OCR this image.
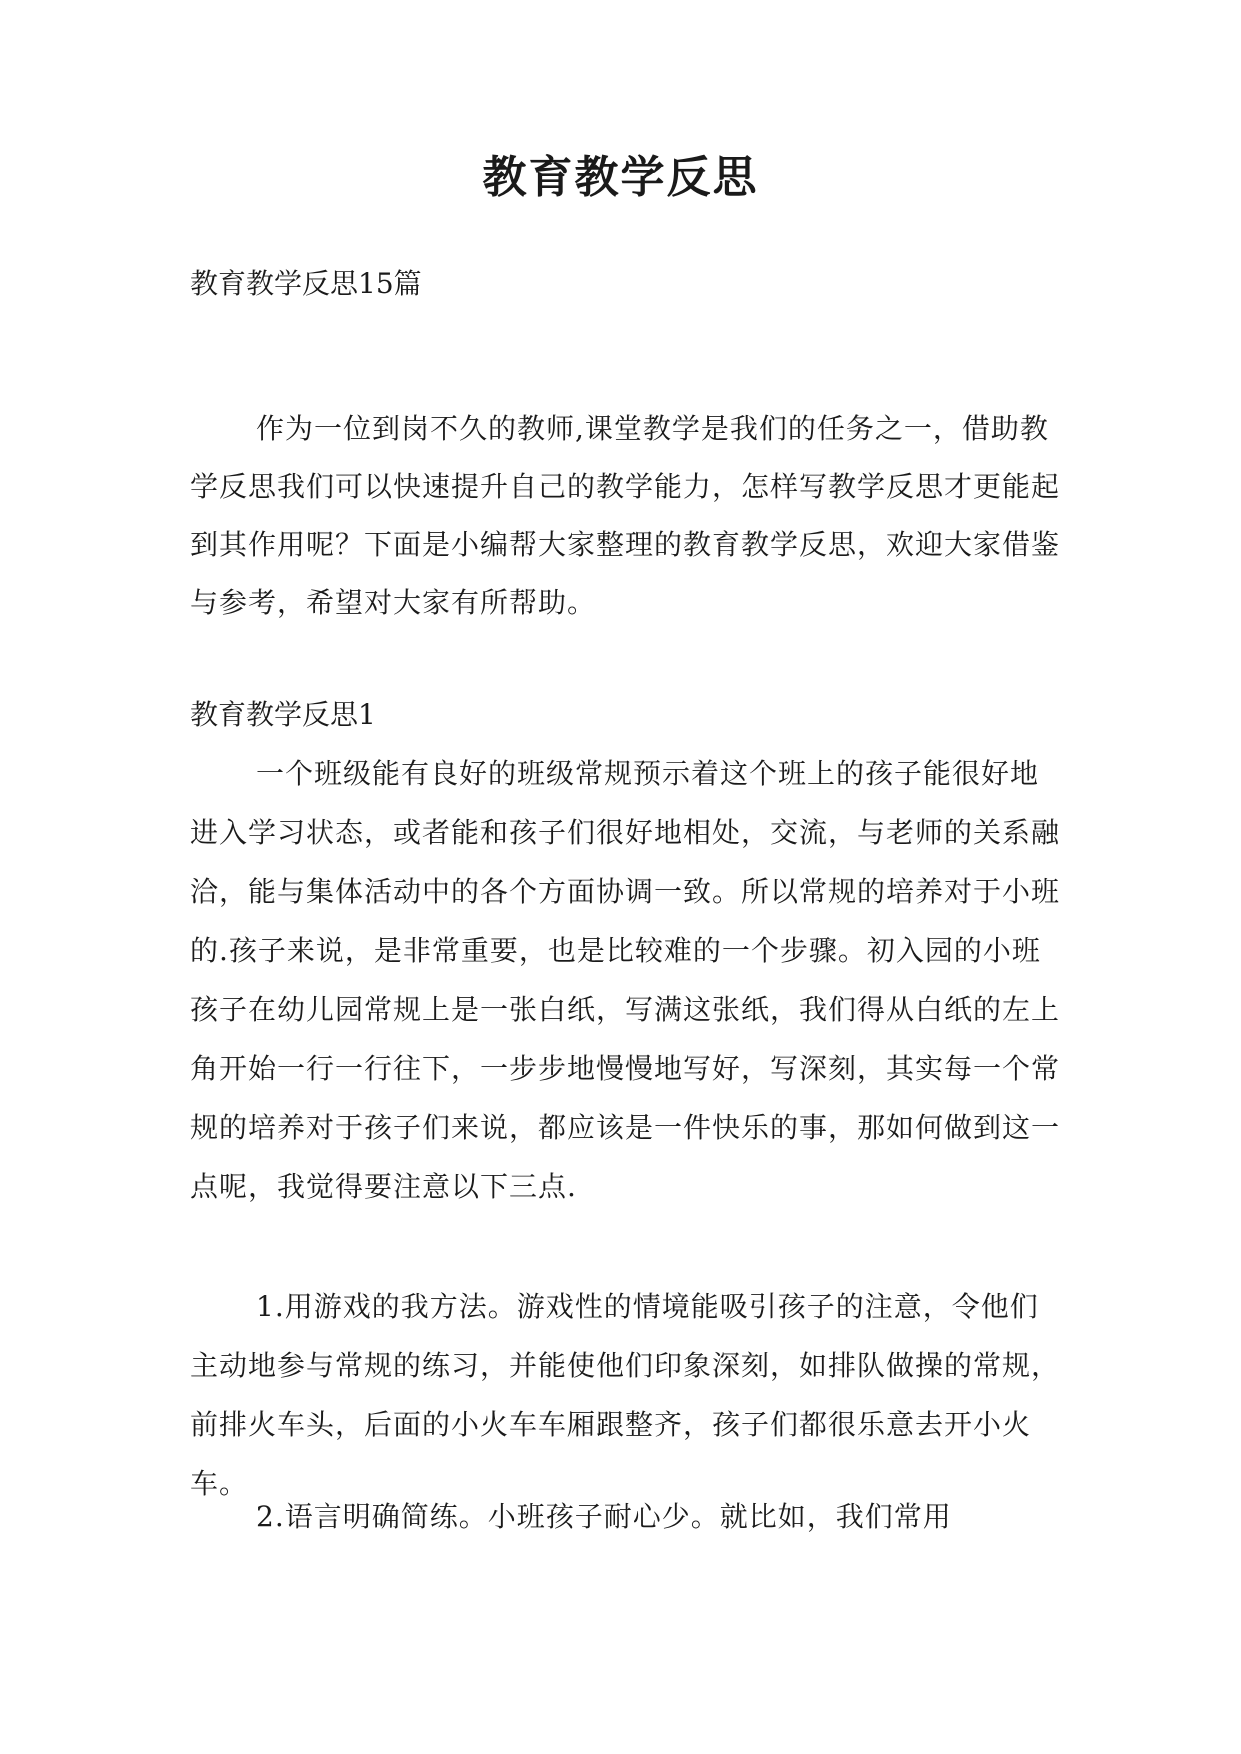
教育教学反思

教育教学反思15篇

作为一位到岗不久的教师,课堂教学是我们的任务之一，借助教学反思我们可以快速提升自己的教学能力，怎样写教学反思才更能起到其作用呢？下面是小编帮大家整理的教育教学反思，欢迎大家借鉴与参考，希望对大家有所帮助。

教育教学反思1

一个班级能有良好的班级常规预示着这个班上的孩子能很好地进入学习状态，或者能和孩子们很好地相处，交流，与老师的关系融洽，能与集体活动中的各个方面协调一致。所以常规的培养对于小班的.孩子来说，是非常重要，也是比较难的一个步骤。初入园的小班孩子在幼儿园常规上是一张白纸，写满这张纸，我们得从白纸的左上角开始一行一行往下，一步步地慢慢地写好，写深刻，其实每一个常规的培养对于孩子们来说，都应该是一件快乐的事，那如何做到这一点呢，我觉得要注意以下三点.

1.用游戏的我方法。游戏性的情境能吸引孩子的注意，令他们主动地参与常规的练习，并能使他们印象深刻，如排队做操的常规，前排火车头，后面的小火车车厢跟整齐，孩子们都很乐意去开小火车。

2.语言明确简练。小班孩子耐心少。就比如，我们常用
